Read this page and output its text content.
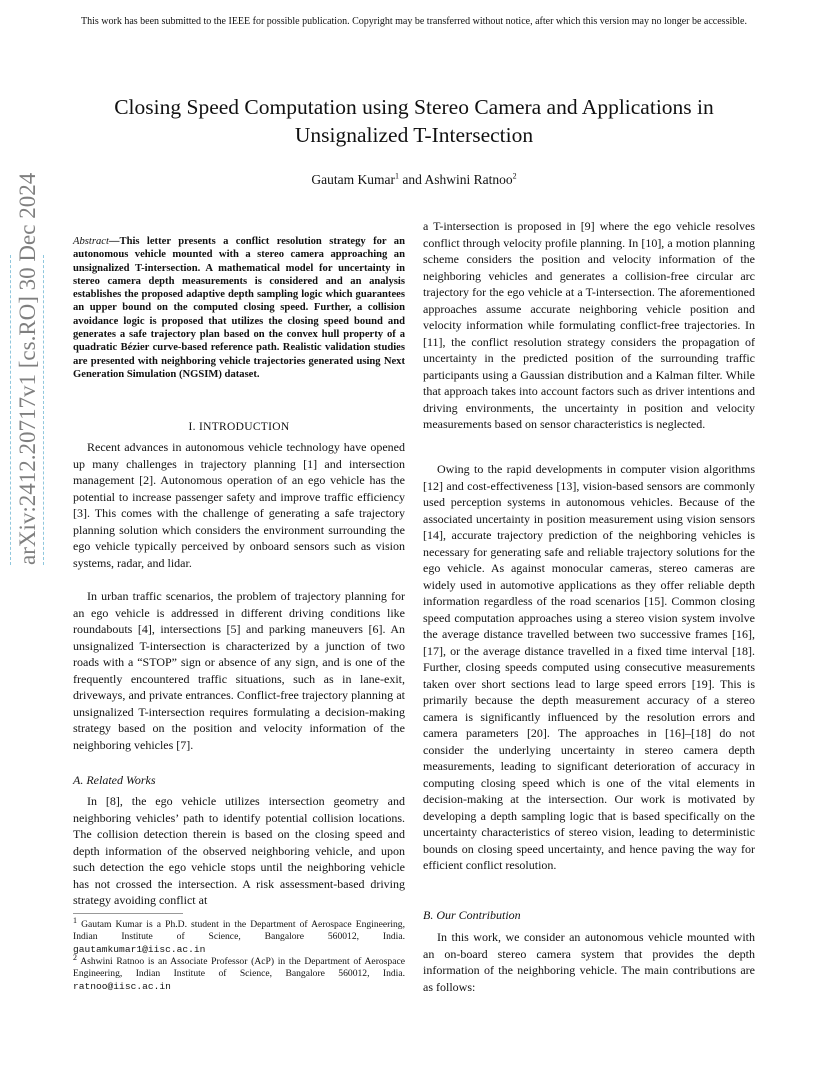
This work has been submitted to the IEEE for possible publication. Copyright may be transferred without notice, after which this version may no longer be accessible.
Closing Speed Computation using Stereo Camera and Applications in
Unsignalized T-Intersection
Gautam Kumar$^1$ and Ashwini Ratnoo$^2$
arXiv:2412.20717v1 [cs.RO] 30 Dec 2024	Abstract—This letter presents a conflict resolution strategy for an autonomous vehicle mounted with a stereo camera approaching an unsignalized T-intersection. A mathematical model for uncertainty in stereo camera depth measurements is considered and an analysis establishes the proposed adaptive depth sampling logic which guarantees an upper bound on the computed closing speed. Further, a collision avoidance logic is proposed that utilizes the closing speed bound and generates a safe trajectory plan based on the convex hull property of a quadratic Bézier curve-based reference path. Realistic validation studies are presented with neighboring vehicle trajectories generated using Next Generation Simulation (NGSIM) dataset.
I. INTRODUCTION

Recent advances in autonomous vehicle technology have opened up many challenges in trajectory planning [1] and intersection management [2]. Autonomous operation of an ego vehicle has the potential to increase passenger safety and improve traffic efficiency [3]. This comes with the challenge of generating a safe trajectory planning solution which considers the environment surrounding the ego vehicle typically perceived by onboard sensors such as vision systems, radar, and lidar.

In urban traffic scenarios, the problem of trajectory planning for an ego vehicle is addressed in different driving conditions like roundabouts [4], intersections [5] and parking maneuvers [6]. An unsignalized T-intersection is characterized by a junction of two roads with a “STOP” sign or absence of any sign, and is one of the frequently encountered traffic situations, such as in lane-exit, driveways, and private entrances. Conflict-free trajectory planning at unsignalized T-intersection requires formulating a decision-making strategy based on the position and velocity information of the neighboring vehicles [7].

A. Related Works

In [8], the ego vehicle utilizes intersection geometry and neighboring vehicles’ path to identify potential collision locations. The collision detection therein is based on the closing speed and depth information of the observed neighboring vehicle, and upon such detection the ego vehicle stops until the neighboring vehicle has not crossed the intersection. A risk assessment-based driving strategy avoiding conflict at

$^1$ Gautam Kumar is a Ph.D. student in the Department of Aerospace Engineering, Indian Institute of Science, Bangalore 560012, India. gautamkumar1@iisc.ac.in
$^2$ Ashwini Ratnoo is an Associate Professor (AcP) in the Department of Aerospace Engineering, Indian Institute of Science, Bangalore 560012, India. ratnoo@iisc.ac.in

a T-intersection is proposed in [9] where the ego vehicle resolves conflict through velocity profile planning. In [10], a motion planning scheme considers the position and velocity information of the neighboring vehicles and generates a collision-free circular arc trajectory for the ego vehicle at a T-intersection. The aforementioned approaches assume accurate neighboring vehicle position and velocity information while formulating conflict-free trajectories. In [11], the conflict resolution strategy considers the propagation of uncertainty in the predicted position of the surrounding traffic participants using a Gaussian distribution and a Kalman filter. While that approach takes into account factors such as driver intentions and driving environments, the uncertainty in position and velocity measurements based on sensor characteristics is neglected.

Owing to the rapid developments in computer vision algorithms [12] and cost-effectiveness [13], vision-based sensors are commonly used perception systems in autonomous vehicles. Because of the associated uncertainty in position measurement using vision sensors [14], accurate trajectory prediction of the neighboring vehicles is necessary for generating safe and reliable trajectory solutions for the ego vehicle. As against monocular cameras, stereo cameras are widely used in automotive applications as they offer reliable depth information regardless of the road scenarios [15]. Common closing speed computation approaches using a stereo vision system involve the average distance travelled between two successive frames [16], [17], or the average distance travelled in a fixed time interval [18]. Further, closing speeds computed using consecutive measurements taken over short sections lead to large speed errors [19]. This is primarily because the depth measurement accuracy of a stereo camera is significantly influenced by the resolution errors and camera parameters [20]. The approaches in [16]–[18] do not consider the underlying uncertainty in stereo camera depth measurements, leading to significant deterioration of accuracy in computing closing speed which is one of the vital elements in decision-making at the intersection. Our work is motivated by developing a depth sampling logic that is based specifically on the uncertainty characteristics of stereo vision, leading to deterministic bounds on closing speed uncertainty, and hence paving the way for efficient conflict resolution.

B. Our Contribution

In this work, we consider an autonomous vehicle mounted with an on-board stereo camera system that provides the depth information of the neighboring vehicle. The main contributions are as follows:
